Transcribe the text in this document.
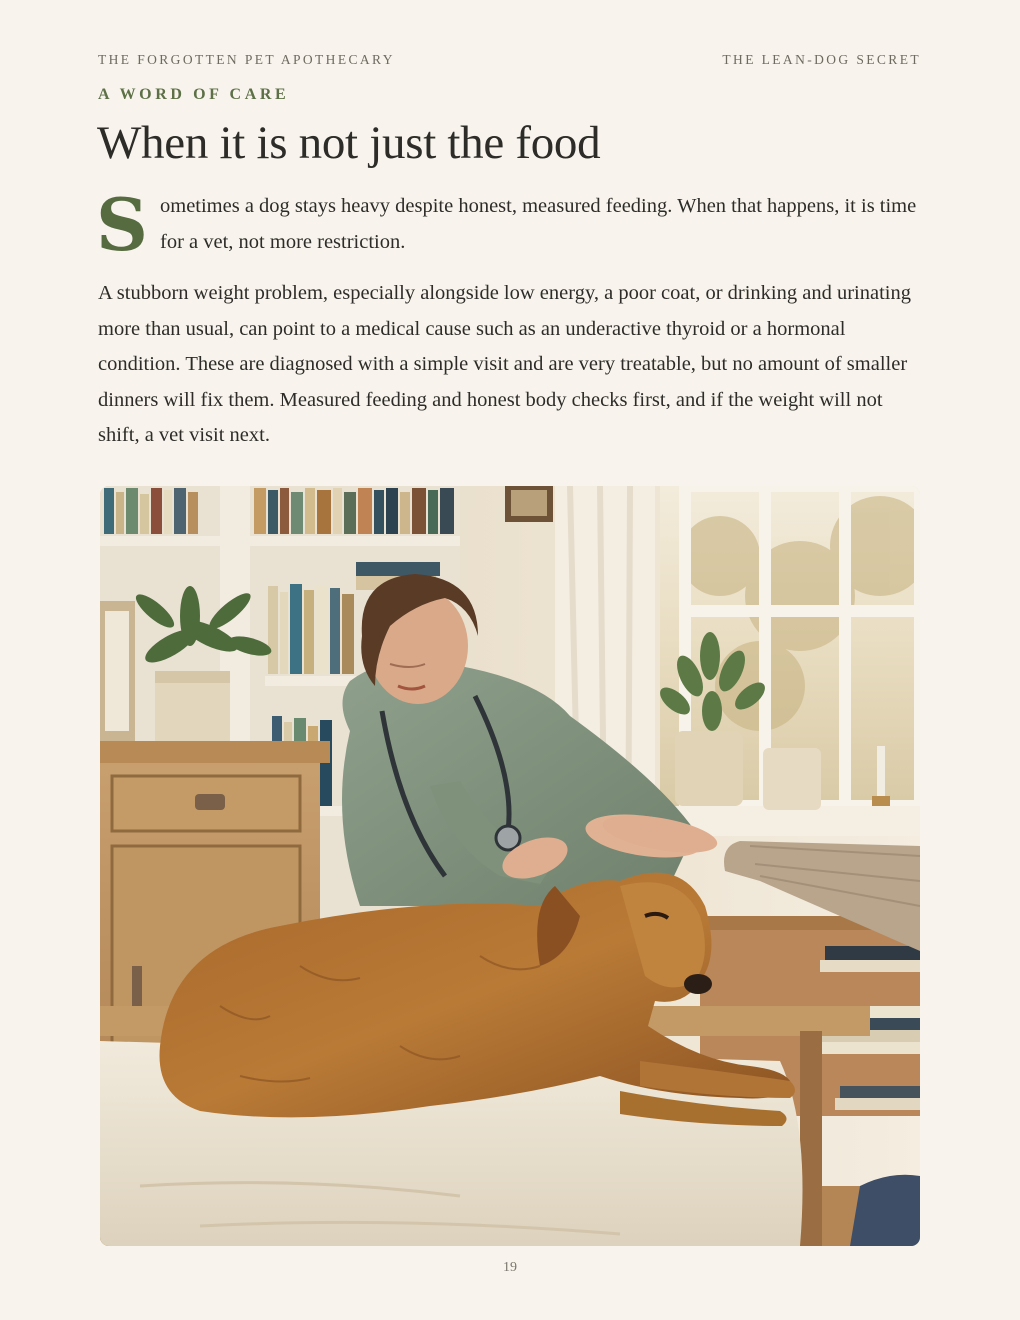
THE FORGOTTEN PET APOTHECARY	THE LEAN-DOG SECRET
A WORD OF CARE
When it is not just the food

Sometimes a dog stays heavy despite honest, measured feeding. When that happens, it is time for a vet, not more restriction.

A stubborn weight problem, especially alongside low energy, a poor coat, or drinking and urinating more than usual, can point to a medical cause such as an underactive thyroid or a hormonal condition. These are diagnosed with a simple visit and are very treatable, but no amount of smaller dinners will fix them. Measured feeding and honest body checks first, and if the weight will not shift, a vet visit next.

19
